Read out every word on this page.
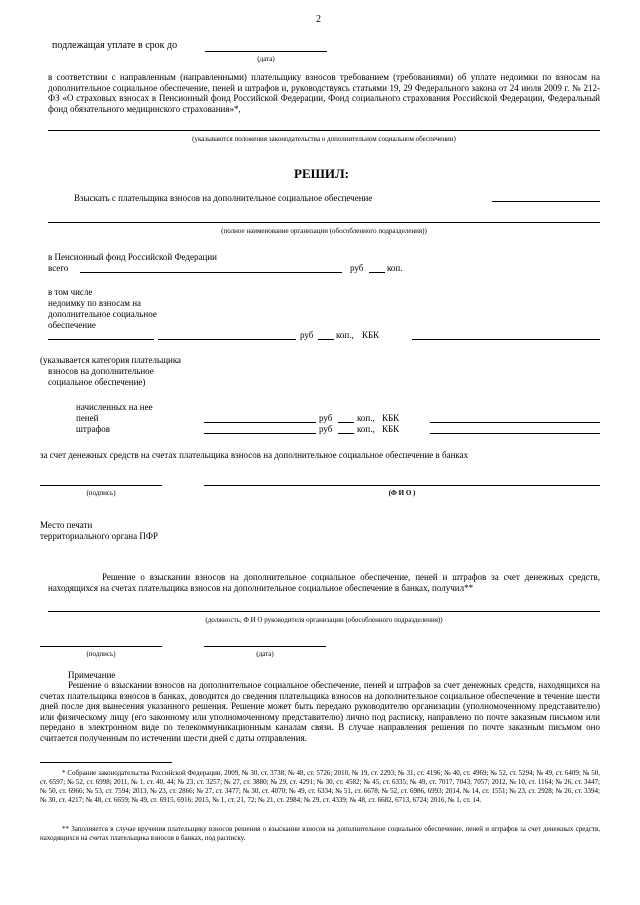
2
подлежащая уплате в срок до
(дата)
в соответствии с направленным (направленными) плательщику взносов требованием (требованиями) об уплате недоимки по взносам на дополнительное социальное обеспечение, пеней и штрафов и, руководствуясь статьями 19, 29 Федерального закона от 24 июля 2009 г. № 212-ФЗ «О страховых взносах в Пенсионный фонд Российской Федерации, Фонд социального страхования Российской Федерации, Федеральный фонд обязательного медицинского страхования»*,
(указываются положения законодательства о дополнительном социальном обеспечении)
РЕШИЛ:
Взыскать с плательщика взносов на дополнительное социальное обеспечение
(полное наименование организации (обособленного подразделения))
в Пенсионный фонд Российской Федерации
всего	руб	коп.
в том числе
недоимку по взносам на
дополнительное социальное
обеспечение
руб	коп., КБК
(указывается категория плательщика
взносов на дополнительное
социальное обеспечение)
начисленных на нее
пеней	руб	коп., КБК
штрафов	руб	коп., КБК
за счет денежных средств на счетах плательщика взносов на дополнительное социальное обеспечение в банках
(подпись)	(Ф И О )
Место печати
территориального органа ПФР
Решение о взыскании взносов на дополнительное социальное обеспечение, пеней и штрафов за счет денежных средств, находящихся на счетах плательщика взносов на дополнительное социальное обеспечение в банках, получил**
(должность, Ф И О руководителя организации (обособленного подразделения))
(подпись)	(дата)
Примечание
Решение о взыскании взносов на дополнительное социальное обеспечение, пеней и штрафов за счет денежных средств, находящихся на счетах плательщика взносов в банках, доводится до сведения плательщика взносов на дополнительное социальное обеспечение в течение шести дней после дня вынесения указанного решения. Решение может быть передано руководителю организации (уполномоченному представителю) или физическому лицу (его законному или уполномоченному представителю) лично под расписку, направлено по почте заказным письмом или передано в электронном виде по телекоммуникационным каналам связи. В случае направления решения по почте заказным письмом оно считается полученным по истечении шести дней с даты отправления.
* Собрание законодательства Российской Федерации, 2009, № 30, ст. 3738; № 48, ст. 5726; 2010, № 19, ст. 2293; № 31, ст. 4196; № 40, ст. 4969; № 52, ст. 5294; № 49, ст. 6409; № 50, ст. 6597; № 52, ст. 6998; 2011, № 1, ст. 40, 44; № 23, ст. 3257; № 27, ст. 3880; № 29, ст. 4291; № 30, ст. 4582; № 45, ст. 6335; № 49, ст. 7017, 7043, 7057; 2012, № 10, ст. 1164; № 26, ст. 3447; № 50, ст. 6966; № 53, ст. 7594; 2013, № 23, ст. 2866; № 27, ст. 3477; № 30, ст. 4070; № 49, ст. 6334; № 51, ст. 6678; № 52, ст. 6986, 6993; 2014, № 14, ст. 1551; № 23, ст. 2928; № 26, ст. 3394; № 30, ст. 4217; № 48, ст. 6659; № 49, ст. 6915, 6916; 2015, № 1, ст. 21, 72; № 21, ст. 2984; № 29, ст. 4339; № 48, ст. 6682, 6713, 6724; 2016, № 1, ст. 14.
** Заполняется в случае вручения плательщику взносов решения о взыскании взносов на дополнительное социальное обеспечение, пеней и штрафов за счет денежных средств, находящихся на счетах плательщика взносов в банках, под расписку.
